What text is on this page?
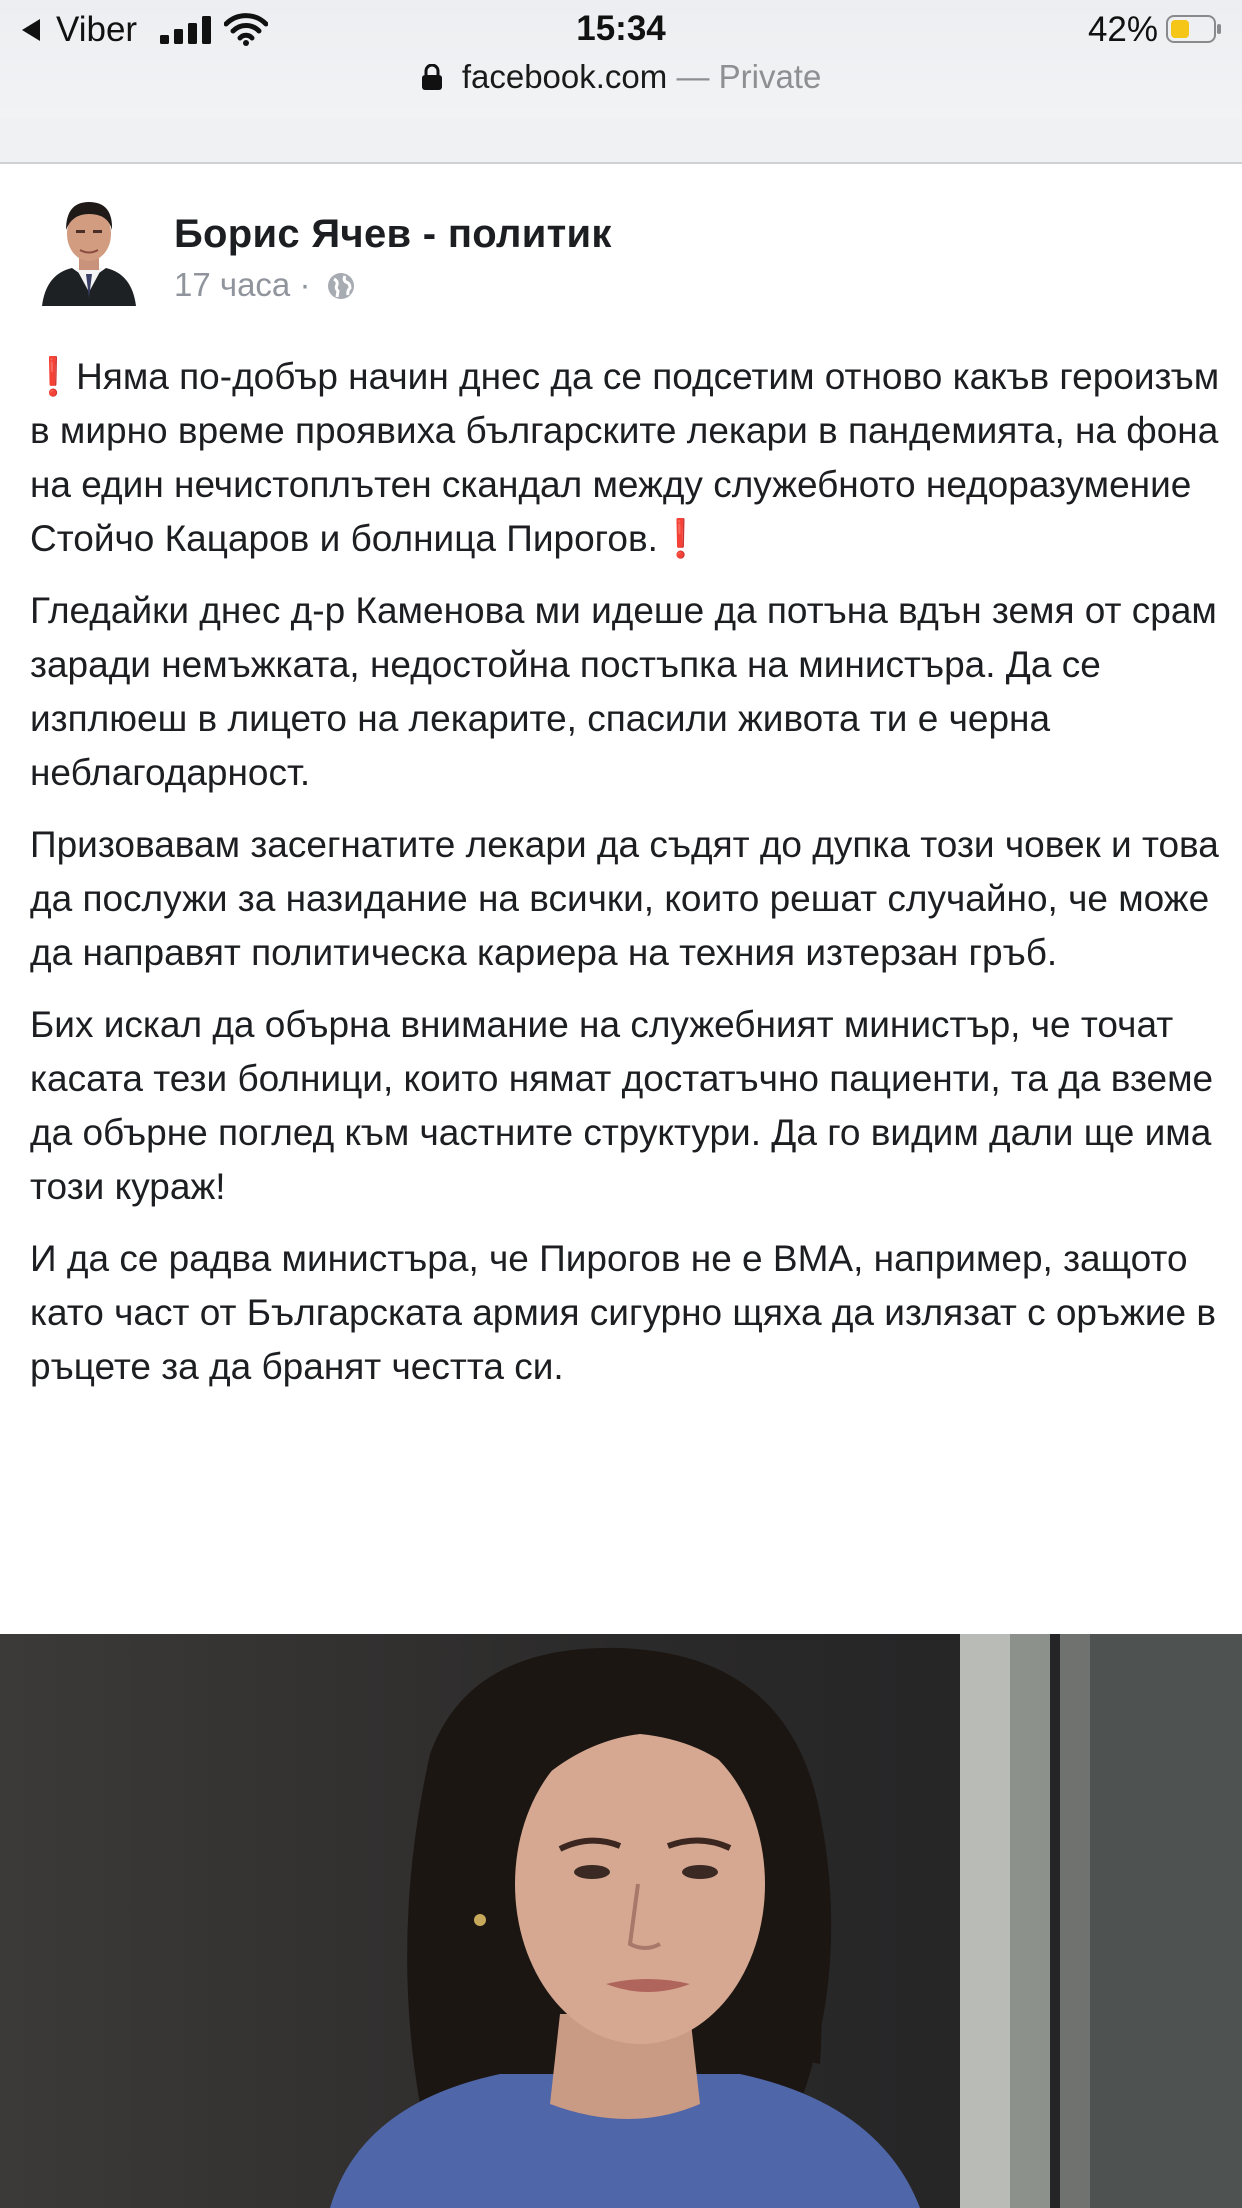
Viber	15:34	42%
facebook.com — Private
Борис Ячев - политик
17 часа ·

❗Няма по-добър начин днес да се подсетим отново какъв героизъм в мирно време проявиха българските лекари в пандемията, на фона на един нечистоплътен скандал между служебното недоразумение Стойчо Кацаров и болница Пирогов.❗

Гледайки днес д-р Каменова ми идеше да потъна вдън земя от срам заради немъжката, недостойна постъпка на министъра. Да се изплюеш в лицето на лекарите, спасили живота ти е черна неблагодарност.

Призовавам засегнатите лекари да съдят до дупка този човек и това да послужи за назидание на всички, които решат случайно, че може да направят политическа кариера на техния изтерзан гръб.

Бих искал да обърна внимание на служебният министър, че точат касата тези болници, които нямат достатъчно пациенти, та да вземе да обърне поглед към частните структури. Да го видим дали ще има този кураж!

И да се радва министъра, че Пирогов не е ВМА, например, защото като част от Българската армия сигурно щяха да излязат с оръжие в ръцете за да бранят честта си.
